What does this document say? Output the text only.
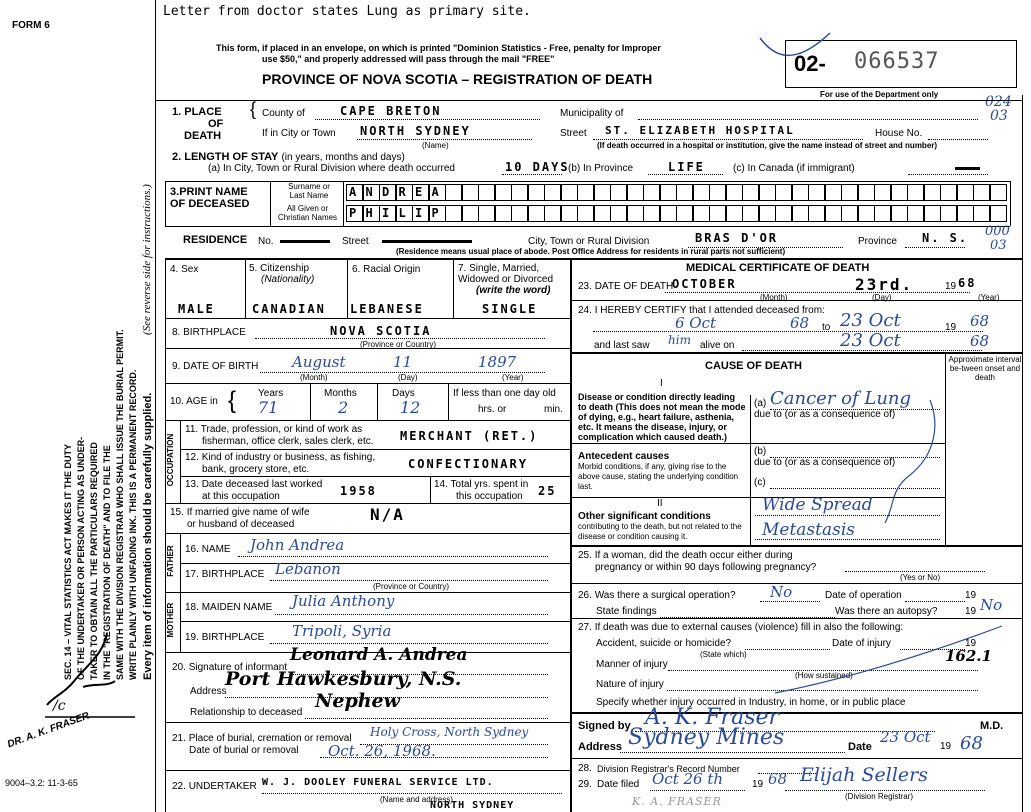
FORM 6
SEC. 14 – VITAL STATISTICS ACT MAKES IT THE DUTY OF THE UNDERTAKER OR PERSON ACTING AS UNDER- TAKER TO OBTAIN ALL THE PARTICULARS REQUIRED IN THE "REGISTRATION OF DEATH" AND TO FILE THE SAME WITH THE DIVISION REGISTRAR WHO SHALL ISSUE THE BURIAL PERMIT. WRITE PLAINLY WITH UNFADING INK. THIS IS A PERMANENT RECORD.
(See reverse side for instructions.)
Every item of information should be carefully supplied.
/c
DR. A. K. FRASER
9004–3.2: 11-3-65
Letter from doctor states Lung as primary site.
This form, if placed in an envelope, on which is printed "Dominion Statistics - Free, penalty for Improper
use $50," and properly addressed will pass through the mail "FREE"
PROVINCE OF NOVA SCOTIA – REGISTRATION OF DEATH
02- 066537
For use of the Department only	024
03
1. PLACE
OF
DEATH
{ County of	CAPE BRETON	Municipality of
If in City or Town NORTH SYDNEY
(Name)
Street ST. ELIZABETH HOSPITAL	House No.
(If death occurred in a hospital or institution, give the name instead of street and number)
2. LENGTH OF STAY (in years, months and days)
(a) In City, Town or Rural Division where death occurred	10 DAYS
(b) In Province	LIFE	(c) In Canada (if immigrant)
3.PRINT NAME
OF DECEASED
Surname or Last Name
All Given or Christian Names
A N D R E A
P H I L I P
RESIDENCE No.	Street	City, Town or Rural Division	BRAS D'OR	Province N. S.
(Residence means usual place of abode. Post Office Address for residents in rural parts not sufficient)
000
03
4. Sex	5. Citizenship
(Nationality)
6. Racial Origin	7. Single, Married, Widowed or Divorced
(write the word)
MALE	CANADIAN LEBANESE	SINGLE
8. BIRTHPLACE	NOVA SCOTIA
(Province or Country)
9. DATE OF BIRTH August	11	1897
(Month)	(Day)	(Year)
10. AGE in { Years	Months	Days
71	2	12
If less than one day old
hrs. or	min.
OCCUPATION
11. Trade, profession, or kind of work as
fisherman, office clerk, sales clerk, etc. MERCHANT (RET.)
12. Kind of industry or business, as fishing,
bank, grocery store, etc.	CONFECTIONARY
13. Date deceased last worked
at this occupation	1958	14. Total yrs. spent in
this occupation	25
15. If married give name of wife
or husband of deceased
N/A
FATHER 16. NAME John Andrea
17. BIRTHPLACE Lebanon
(Province or Country)
MOTHER 18. MAIDEN NAME Julia Anthony
19. BIRTHPLACE Tripoli, Syria
20. Signature of informant
Leonard A. Andrea
Address
Port Hawkesbury, N.S.
Relationship to deceased
Nephew
21. Place of burial, cremation or removal
Date of burial or removal
Holy Cross, North Sydney
Oct. 26, 1968.
22. UNDERTAKER W. J. DOOLEY FUNERAL SERVICE LTD.
(Name and address)
NORTH SYDNEY
MEDICAL CERTIFICATE OF DEATH
23. DATE OF DEATH
OCTOBER	23rd.	19 68
(Month)	(Day)	(Year)
24. I HEREBY CERTIFY that I attended deceased from:
6 Oct	68 to 23 Oct	19 68
and last saw	alive on
him	23 Oct	68
CAUSE OF DEATH
Approximate interval be-tween onset and death
I
Disease or condition directly leading to death (This does not mean the mode of dying, e.g., heart failure, asthenia, etc. It means the disease, injury, or complication which caused death.)
(a) Cancer of Lung
due to (or as a consequence of)
Antecedent causes
Morbid conditions, if any, giving rise to the above cause, stating the underlying condition last.
(b)
due to (or as a consequence of)
(c)
II
Other significant conditions
contributing to the death, but not related to the disease or condition causing it.
Wide Spread
Metastasis
25. If a woman, did the death occur either during
pregnancy or within 90 days following pregnancy?
(Yes or No)
26. Was there a surgical operation? No	Date of operation	19
State findings	Was there an autopsy?	19 No
27. If death was due to external causes (violence) fill in also the following:
Accident, suicide or homicide?	Date of injury	19
(State which)
Manner of injury	162.1
(How sustained)
Nature of injury
Specify whether injury occurred in Industry, in home, or in public place
Signed by A. K. Fraser	M.D.
Address Sydney Mines	Date
23 Oct
19 68
28. Division Registrar's Record Number
29. Date filed Oct 26 th	19 68 Elijah Sellers
(Division Registrar)
K. A. FRASER
